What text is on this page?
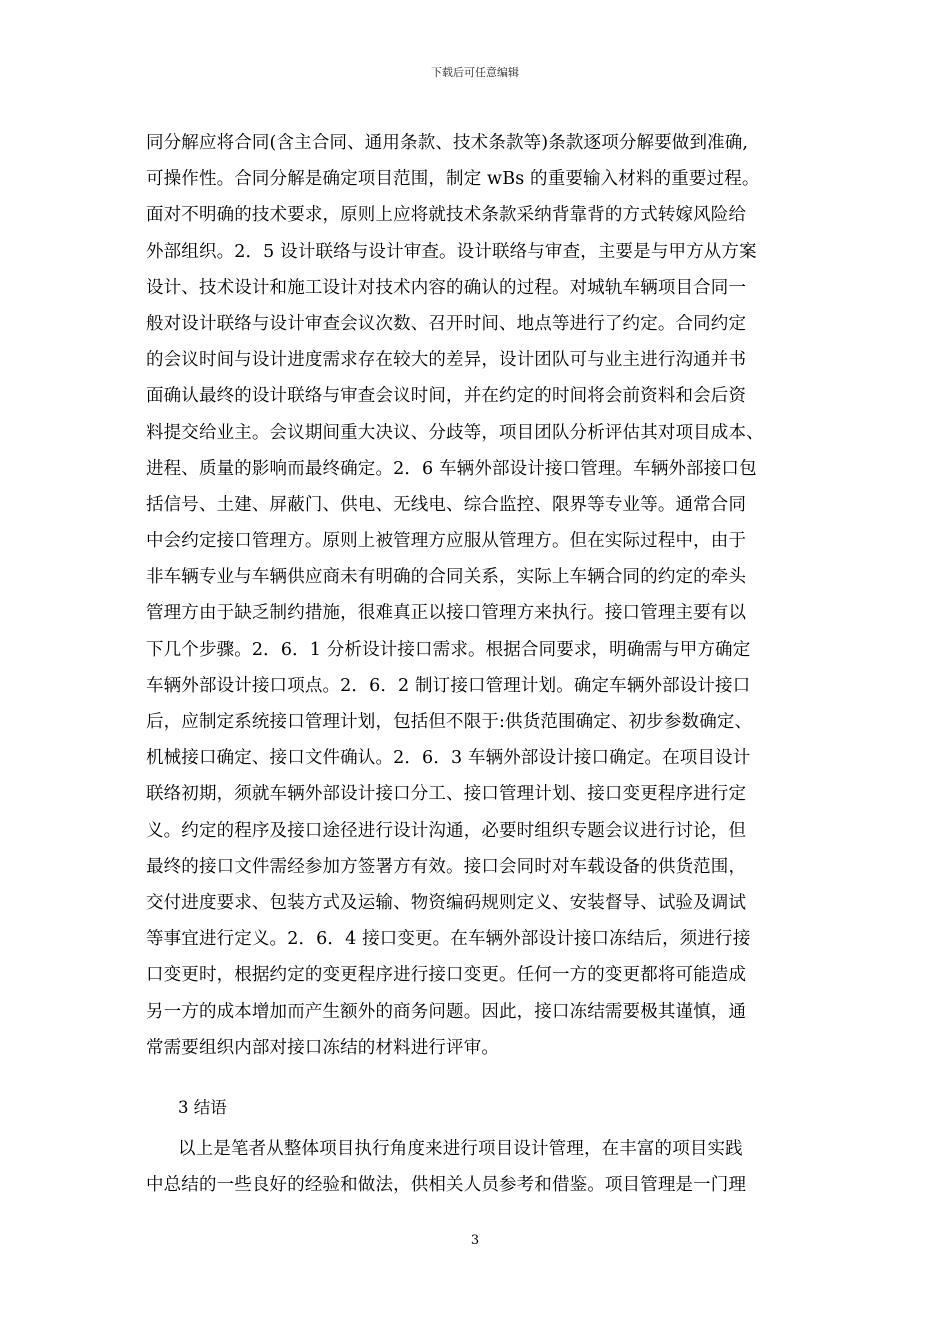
下载后可任意编辑
同分解应将合同(含主合同、通用条款、技术条款等)条款逐项分解要做到准确,
可操作性。合同分解是确定项目范围，制定 wBs 的重要输入材料的重要过程。
面对不明确的技术要求，原则上应将就技术条款采纳背靠背的方式转嫁风险给
外部组织。2．5 设计联络与设计审查。设计联络与审查，主要是与甲方从方案
设计、技术设计和施工设计对技术内容的确认的过程。对城轨车辆项目合同一
般对设计联络与设计审查会议次数、召开时间、地点等进行了约定。合同约定
的会议时间与设计进度需求存在较大的差异，设计团队可与业主进行沟通并书
面确认最终的设计联络与审查会议时间，并在约定的时间将会前资料和会后资
料提交给业主。会议期间重大决议、分歧等，项目团队分析评估其对项目成本、
进程、质量的影响而最终确定。2．6 车辆外部设计接口管理。车辆外部接口包
括信号、土建、屏蔽门、供电、无线电、综合监控、限界等专业等。通常合同
中会约定接口管理方。原则上被管理方应服从管理方。但在实际过程中，由于
非车辆专业与车辆供应商未有明确的合同关系，实际上车辆合同的约定的牵头
管理方由于缺乏制约措施，很难真正以接口管理方来执行。接口管理主要有以
下几个步骤。2．6．1 分析设计接口需求。根据合同要求，明确需与甲方确定
车辆外部设计接口项点。2．6．2 制订接口管理计划。确定车辆外部设计接口
后，应制定系统接口管理计划，包括但不限于:供货范围确定、初步参数确定、
机械接口确定、接口文件确认。2．6．3 车辆外部设计接口确定。在项目设计
联络初期，须就车辆外部设计接口分工、接口管理计划、接口变更程序进行定
义。约定的程序及接口途径进行设计沟通，必要时组织专题会议进行讨论，但
最终的接口文件需经参加方签署方有效。接口会同时对车载设备的供货范围，
交付进度要求、包装方式及运输、物资编码规则定义、安装督导、试验及调试
等事宜进行定义。2．6．4 接口变更。在车辆外部设计接口冻结后，须进行接
口变更时，根据约定的变更程序进行接口变更。任何一方的变更都将可能造成
另一方的成本增加而产生额外的商务问题。因此，接口冻结需要极其谨慎，通
常需要组织内部对接口冻结的材料进行评审。
3 结语
以上是笔者从整体项目执行角度来进行项目设计管理，在丰富的项目实践
中总结的一些良好的经验和做法，供相关人员参考和借鉴。项目管理是一门理
3
